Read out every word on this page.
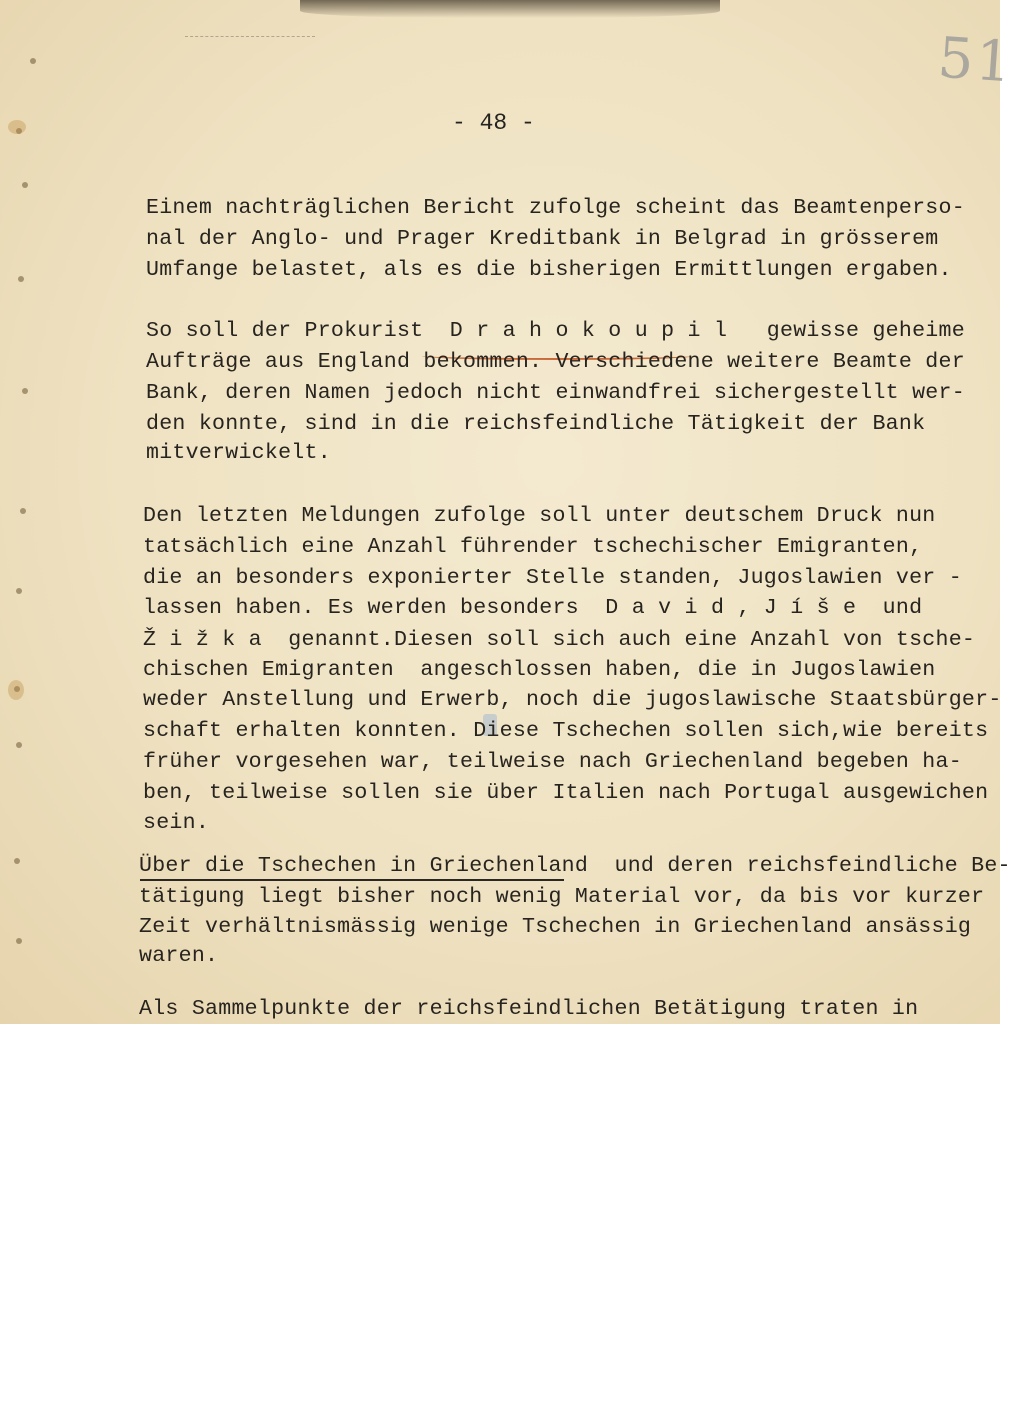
51
- 48 -
Einem nachträglichen Bericht zufolge scheint das Beamtenperso-
nal der Anglo- und Prager Kreditbank in Belgrad in grösserem
Umfange belastet, als es die bisherigen Ermittlungen ergaben.
So soll der Prokurist  D r a h o k o u p i l   gewisse geheime
Aufträge aus England bekommen. Verschiedene weitere Beamte der
Bank, deren Namen jedoch nicht einwandfrei sichergestellt wer-
den konnte, sind in die reichsfeindliche Tätigkeit der Bank
mitverwickelt.
Den letzten Meldungen zufolge soll unter deutschem Druck nun
tatsächlich eine Anzahl führender tschechischer Emigranten,
die an besonders exponierter Stelle standen, Jugoslawien ver -
lassen haben. Es werden besonders  D a v i d , J í š e  und
Ž i ž k a  genannt.Diesen soll sich auch eine Anzahl von tsche-
chischen Emigranten  angeschlossen haben, die in Jugoslawien
weder Anstellung und Erwerb, noch die jugoslawische Staatsbürger-
schaft erhalten konnten. Diese Tschechen sollen sich,wie bereits
früher vorgesehen war, teilweise nach Griechenland begeben ha-
ben, teilweise sollen sie über Italien nach Portugal ausgewichen
sein.
Über die Tschechen in Griechenland  und deren reichsfeindliche Be-
tätigung liegt bisher noch wenig Material vor, da bis vor kurzer
Zeit verhältnismässig wenige Tschechen in Griechenland ansässig
waren.
Als Sammelpunkte der reichsfeindlichen Betätigung traten in
